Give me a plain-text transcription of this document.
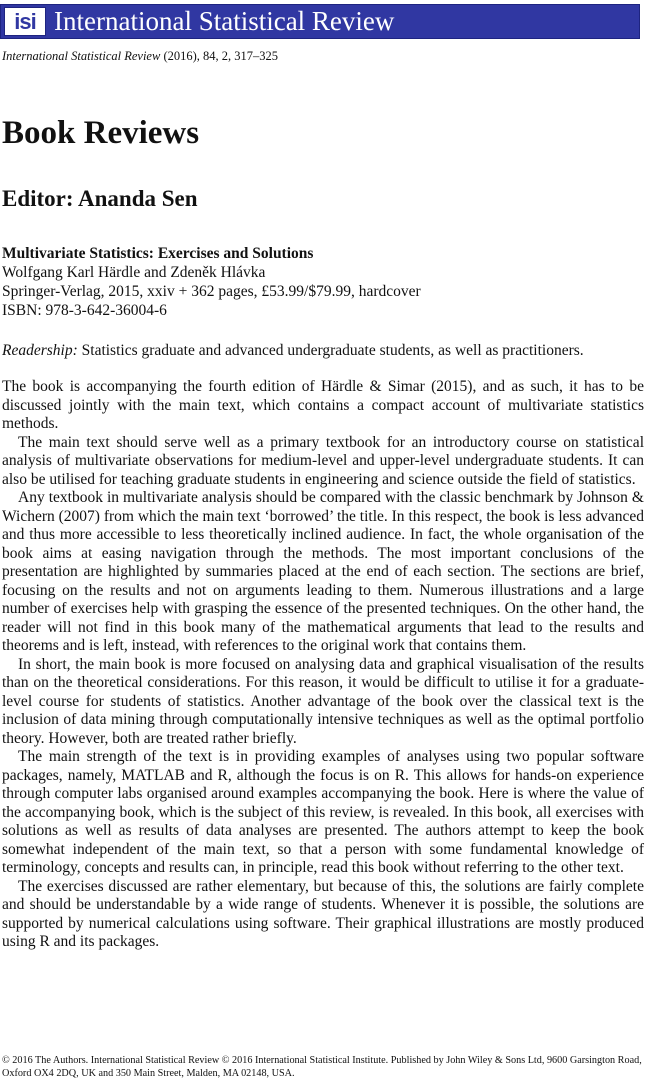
isi International Statistical Review
International Statistical Review (2016), 84, 2, 317–325
Book Reviews
Editor: Ananda Sen
Multivariate Statistics: Exercises and Solutions
Wolfgang Karl Härdle and Zdeněk Hlávka
Springer-Verlag, 2015, xxiv + 362 pages, £53.99/$79.99, hardcover
ISBN: 978-3-642-36004-6
Readership: Statistics graduate and advanced undergraduate students, as well as practitioners.

The book is accompanying the fourth edition of Härdle & Simar (2015), and as such, it has to be discussed jointly with the main text, which contains a compact account of multivariate statistics methods.

The main text should serve well as a primary textbook for an introductory course on statistical analysis of multivariate observations for medium-level and upper-level undergraduate students. It can also be utilised for teaching graduate students in engineering and science outside the field of statistics.

Any textbook in multivariate analysis should be compared with the classic benchmark by Johnson & Wichern (2007) from which the main text ‘borrowed’ the title. In this respect, the book is less advanced and thus more accessible to less theoretically inclined audience. In fact, the whole organisation of the book aims at easing navigation through the methods. The most important conclusions of the presentation are highlighted by summaries placed at the end of each section. The sections are brief, focusing on the results and not on arguments leading to them. Numerous illustrations and a large number of exercises help with grasping the essence of the presented techniques. On the other hand, the reader will not find in this book many of the mathematical arguments that lead to the results and theorems and is left, instead, with references to the original work that contains them.

In short, the main book is more focused on analysing data and graphical visualisation of the results than on the theoretical considerations. For this reason, it would be difficult to utilise it for a graduate-level course for students of statistics. Another advantage of the book over the classical text is the inclusion of data mining through computationally intensive techniques as well as the optimal portfolio theory. However, both are treated rather briefly.

The main strength of the text is in providing examples of analyses using two popular software packages, namely, MATLAB and R, although the focus is on R. This allows for hands-on experience through computer labs organised around examples accompanying the book. Here is where the value of the accompanying book, which is the subject of this review, is revealed. In this book, all exercises with solutions as well as results of data analyses are presented. The authors attempt to keep the book somewhat independent of the main text, so that a person with some fundamental knowledge of terminology, concepts and results can, in principle, read this book without referring to the other text.

The exercises discussed are rather elementary, but because of this, the solutions are fairly complete and should be understandable by a wide range of students. Whenever it is possible, the solutions are supported by numerical calculations using software. Their graphical illustrations are mostly produced using R and its packages.

© 2016 The Authors. International Statistical Review © 2016 International Statistical Institute. Published by John Wiley & Sons Ltd, 9600 Garsington Road, Oxford OX4 2DQ, UK and 350 Main Street, Malden, MA 02148, USA.
